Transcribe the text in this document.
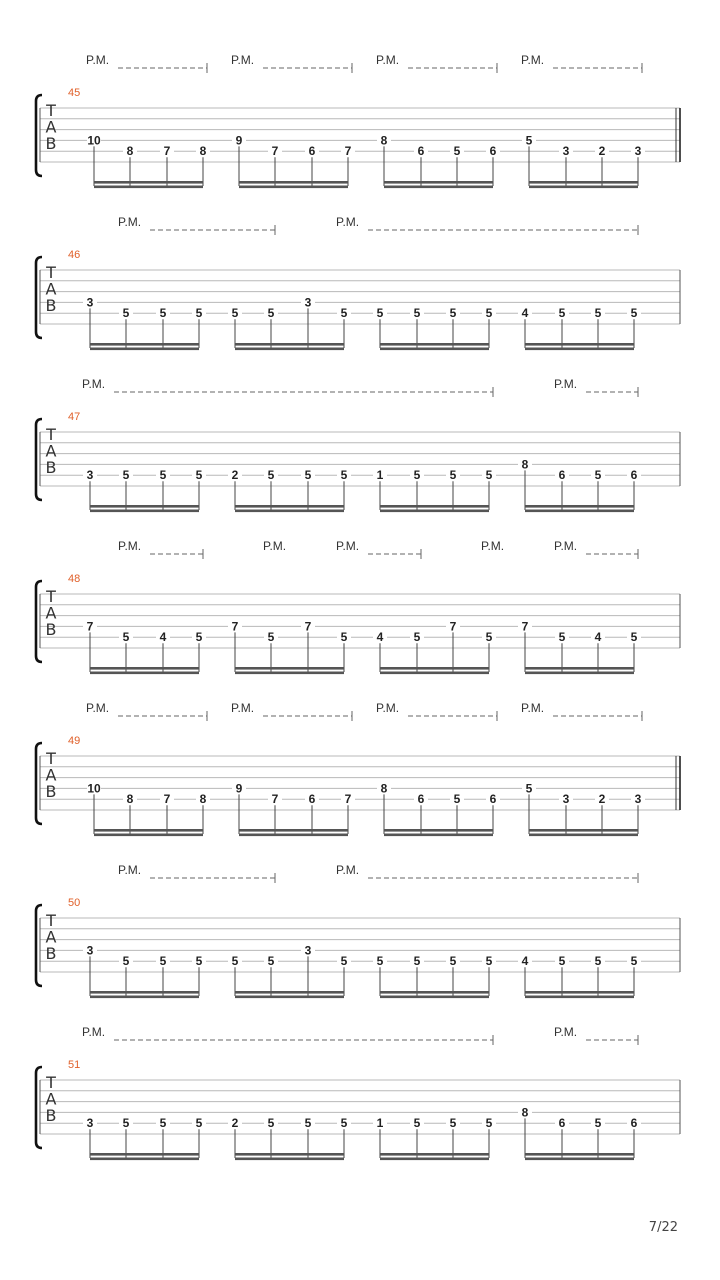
T
A
B
45
10
8	7 8
9
7	6 7
8
6 5 6
5
3 2 3
P.M.	P.M.	P.M.	P.M.
T
A
B
46
3
5	5 5 5 5
3
5 5	5 5 5 4	5 5 5
P.M.	P.M.
T
A
B
47
3 5	5 5 2 5	5 5 1	5 5 5
8
6 5 6
P.M.	P.M.
T
A
B
48
7
5	4 5
7
5
7
5 4	5
7
5
7
5 4 5
P.M.	P.M.	P.M.	P.M.	P.M.
T
A
B
49
10
8	7 8
9
7	6 7
8
6 5 6
5
3 2 3
P.M.	P.M.	P.M.	P.M.
T
A
B
50
3
5	5 5 5 5
3
5 5	5 5 5 4	5 5 5
P.M.	P.M.
T
A
B
51
3 5	5 5 2 5	5 5 1	5 5 5
8
6 5 6
P.M.	P.M.
7/22
